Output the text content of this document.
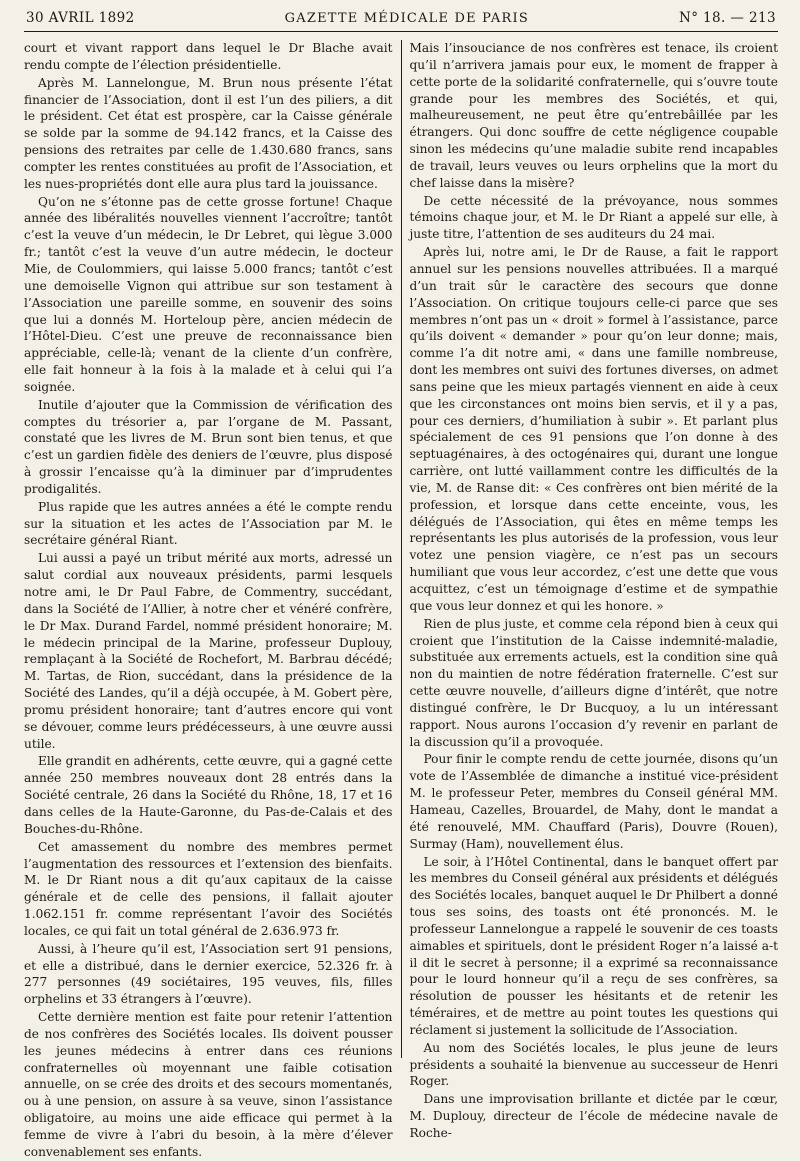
30 AVRIL 1892	GAZETTE MÉDICALE DE PARIS	N° 18. — 213

court et vivant rapport dans lequel le Dr Blache avait rendu compte de l’élection présidentielle.

Après M. Lannelongue, M. Brun nous présente l’état financier de l’Association, dont il est l’un des piliers, a dit le président. Cet état est prospère, car la Caisse générale se solde par la somme de 94.142 francs, et la Caisse des pensions des retraites par celle de 1.430.680 francs, sans compter les rentes constituées au profit de l’Association, et les nues-propriétés dont elle aura plus tard la jouissance.

Qu’on ne s’étonne pas de cette grosse fortune! Chaque année des libéralités nouvelles viennent l’accroître; tantôt c’est la veuve d’un médecin, le Dr Lebret, qui lègue 3.000 fr.; tantôt c’est la veuve d’un autre médecin, le docteur Mie, de Coulommiers, qui laisse 5.000 francs; tantôt c’est une demoiselle Vignon qui attribue sur son testament à l’Association une pareille somme, en souvenir des soins que lui a donnés M. Horteloup père, ancien médecin de l’Hôtel-Dieu. C’est une preuve de reconnaissance bien appréciable, celle-là; venant de la cliente d’un confrère, elle fait honneur à la fois à la malade et à celui qui l’a soignée.

Inutile d’ajouter que la Commission de vérification des comptes du trésorier a, par l’organe de M. Passant, constaté que les livres de M. Brun sont bien tenus, et que c’est un gardien fidèle des deniers de l’œuvre, plus disposé à grossir l’encaisse qu’à la diminuer par d’imprudentes prodigalités.

Plus rapide que les autres années a été le compte rendu sur la situation et les actes de l’Association par M. le secrétaire général Riant.

Lui aussi a payé un tribut mérité aux morts, adressé un salut cordial aux nouveaux présidents, parmi lesquels notre ami, le Dr Paul Fabre, de Commentry, succédant, dans la Société de l’Allier, à notre cher et vénéré confrère, le Dr Max. Durand Fardel, nommé président honoraire; M. le médecin principal de la Marine, professeur Duplouy, remplaçant à la Société de Rochefort, M. Barbrau décédé; M. Tartas, de Rion, succédant, dans la présidence de la Société des Landes, qu’il a déjà occupée, à M. Gobert père, promu président honoraire; tant d’autres encore qui vont se dévouer, comme leurs prédécesseurs, à une œuvre aussi utile.

Elle grandit en adhérents, cette œuvre, qui a gagné cette année 250 membres nouveaux dont 28 entrés dans la Société centrale, 26 dans la Société du Rhône, 18, 17 et 16 dans celles de la Haute-Garonne, du Pas-de-Calais et des Bouches-du-Rhône.

Cet amassement du nombre des membres permet l’augmentation des ressources et l’extension des bienfaits. M. le Dr Riant nous a dit qu’aux capitaux de la caisse générale et de celle des pensions, il fallait ajouter 1.062.151 fr. comme représentant l’avoir des Sociétés locales, ce qui fait un total général de 2.636.973 fr.

Aussi, à l’heure qu’il est, l’Association sert 91 pensions, et elle a distribué, dans le dernier exercice, 52.326 fr. à 277 personnes (49 sociétaires, 195 veuves, fils, filles orphelins et 33 étrangers à l’œuvre).

Cette dernière mention est faite pour retenir l’attention de nos confrères des Sociétés locales. Ils doivent pousser les jeunes médecins à entrer dans ces réunions confraternelles où moyennant une faible cotisation annuelle, on se crée des droits et des secours momentanés, ou à une pension, on assure à sa veuve, sinon l’assistance obligatoire, au moins une aide efficace qui permet à la femme de vivre à l’abri du besoin, à la mère d’élever convenablement ses enfants.

Mais l’insouciance de nos confrères est tenace, ils croient qu’il n’arrivera jamais pour eux, le moment de frapper à cette porte de la solidarité confraternelle, qui s’ouvre toute grande pour les membres des Sociétés, et qui, malheureusement, ne peut être qu’entrebâillée par les étrangers. Qui donc souffre de cette négligence coupable sinon les médecins qu’une maladie subite rend incapables de travail, leurs veuves ou leurs orphelins que la mort du chef laisse dans la misère?

De cette nécessité de la prévoyance, nous sommes témoins chaque jour, et M. le Dr Riant a appelé sur elle, à juste titre, l’attention de ses auditeurs du 24 mai.

Après lui, notre ami, le Dr de Rause, a fait le rapport annuel sur les pensions nouvelles attribuées. Il a marqué d’un trait sûr le caractère des secours que donne l’Association. On critique toujours celle-ci parce que ses membres n’ont pas un « droit » formel à l’assistance, parce qu’ils doivent « demander » pour qu’on leur donne; mais, comme l’a dit notre ami, « dans une famille nombreuse, dont les membres ont suivi des fortunes diverses, on admet sans peine que les mieux partagés viennent en aide à ceux que les circonstances ont moins bien servis, et il y a pas, pour ces derniers, d’humiliation à subir ». Et parlant plus spécialement de ces 91 pensions que l’on donne à des septuagénaires, à des octogénaires qui, durant une longue carrière, ont lutté vaillamment contre les difficultés de la vie, M. de Ranse dit: « Ces confrères ont bien mérité de la profession, et lorsque dans cette enceinte, vous, les délégués de l’Association, qui êtes en même temps les représentants les plus autorisés de la profession, vous leur votez une pension viagère, ce n’est pas un secours humiliant que vous leur accordez, c’est une dette que vous acquittez, c’est un témoignage d’estime et de sympathie que vous leur donnez et qui les honore. »

Rien de plus juste, et comme cela répond bien à ceux qui croient que l’institution de la Caisse indemnité-maladie, substituée aux errements actuels, est la condition sine quâ non du maintien de notre fédération fraternelle. C’est sur cette œuvre nouvelle, d’ailleurs digne d’intérêt, que notre distingué confrère, le Dr Bucquoy, a lu un intéressant rapport. Nous aurons l’occasion d’y revenir en parlant de la discussion qu’il a provoquée.

Pour finir le compte rendu de cette journée, disons qu’un vote de l’Assemblée de dimanche a institué vice-président M. le professeur Peter, membres du Conseil général MM. Hameau, Cazelles, Brouardel, de Mahy, dont le mandat a été renouvelé, MM. Chauffard (Paris), Douvre (Rouen), Surmay (Ham), nouvellement élus.

Le soir, à l’Hôtel Continental, dans le banquet offert par les membres du Conseil général aux présidents et délégués des Sociétés locales, banquet auquel le Dr Philbert a donné tous ses soins, des toasts ont été prononcés. M. le professeur Lannelongue a rappelé le souvenir de ces toasts aimables et spirituels, dont le président Roger n’a laissé a-t il dit le secret à personne; il a exprimé sa reconnaissance pour le lourd honneur qu’il a reçu de ses confrères, sa résolution de pousser les hésitants et de retenir les téméraires, et de mettre au point toutes les questions qui réclament si justement la sollicitude de l’Association.

Au nom des Sociétés locales, le plus jeune de leurs présidents a souhaité la bienvenue au successeur de Henri Roger.

Dans une improvisation brillante et dictée par le cœur, M. Duplouy, directeur de l’école de médecine navale de Roche-
